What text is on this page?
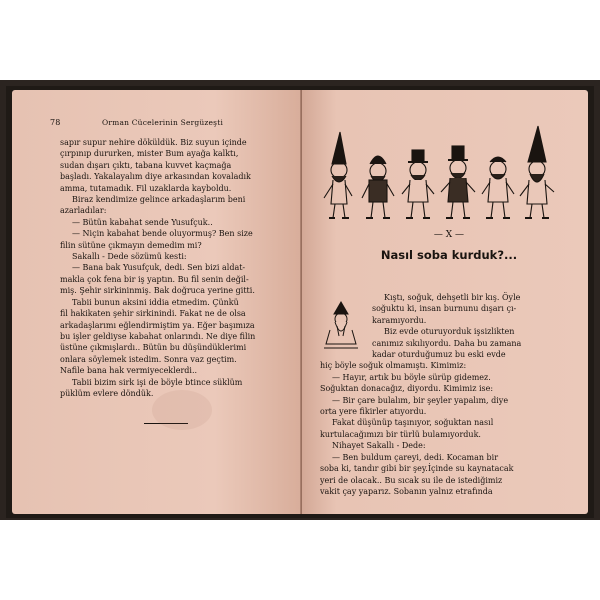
78	Orman Cücelerinin Sergüzeşti

sapır supur nehire döküldük. Biz suyun içinde

çırpınıp dururken, mister Bum ayağa kalktı,

sudan dışarı çıktı, tabana kuvvet kaçmağa

başladı. Yakalayalım diye arkasından kovaladık

amma, tutamadık. Fil uzaklarda kayboldu.

Biraz kendimize gelince arkadaşlarım beni

azarladılar:

— Bütün kabahat sende Yusufçuk..

— Niçin kabahat bende oluyormuş? Ben size

filin sütüne çıkmayın demedim mi?

Sakallı - Dede sözümü kesti:

— Bana bak Yusufçuk, dedi. Sen bizi aldat-

makla çok fena bir iş yaptın. Bu fil senin değil-

miş. Şehir sirkininmiş. Bak doğruca yerine gitti.

Tabii bunun aksini iddia etmedim. Çünkü

fil hakikaten şehir sirkinindi. Fakat ne de olsa

arkadaşlarımı eğlendirmiştim ya. Eğer başımıza

bu işler geldiyse kabahat onlarındı. Ne diye filin

üstüne çıkmışlardı.. Bütün bu düşündüklerimi

onlara söylemek istedim. Sonra vaz geçtim.

Nafile bana hak vermiyeceklerdi..

Tabii bizim sirk işi de böyle btince süklüm

püklüm evlere döndük.

— X —
Nasıl soba kurduk?...

Kıştı, soğuk, dehşetli bir kış. Öyle

soğuktu ki, insan burnunu dışarı çı-

karamıyordu.

Biz evde oturuyorduk işsizlikten

canımız sıkılıyordu. Daha bu zamana

kadar oturduğumuz bu eski evde

hiç böyle soğuk olmamıştı. Kimimiz:

— Hayır, artık bu böyle sürüp gidemez.

Soğuktan donacağız, diyordu. Kimimiz ise:

— Bir çare bulalım, bir şeyler yapalım, diye

orta yere fikirler atıyordu.

Fakat düşünüp taşınıyor, soğuktan nasıl

kurtulacağımızı bir türlü bulamıyorduk.

Nihayet Sakallı - Dede:

— Ben buldum çareyi, dedi. Kocaman bir

soba ki, tandır gibi bir şey.İçinde su kaynatacak

yeri de olacak.. Bu sıcak su ile de istediğimiz

vakit çay yaparız. Sobanın yalnız etrafında
